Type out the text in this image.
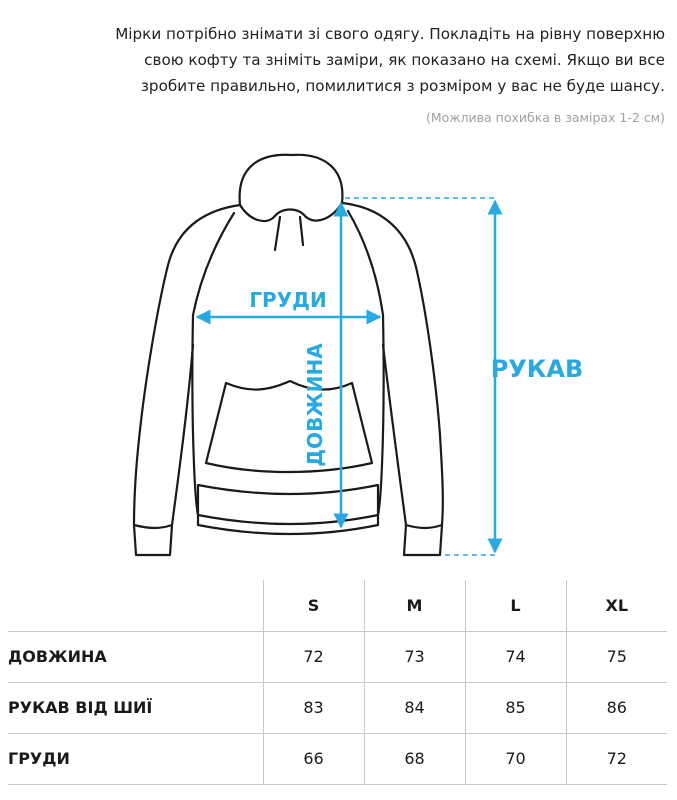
Мірки потрібно знімати зі свого одягу. Покладіть на рівну поверхню
свою кофту та зніміть заміри, як показано на схемі. Якщо ви все
зробите правильно, помилитися з розміром у вас не буде шансу.
(Можлива похибка в замірах 1-2 см)
ГРУДИ
ДОВЖИНА	РУКАВ
	S	M	L	XL
ДОВЖИНА	72	73	74	75
РУКАВ ВІД ШИЇ	83	84	85	86
ГРУДИ	66	68	70	72
